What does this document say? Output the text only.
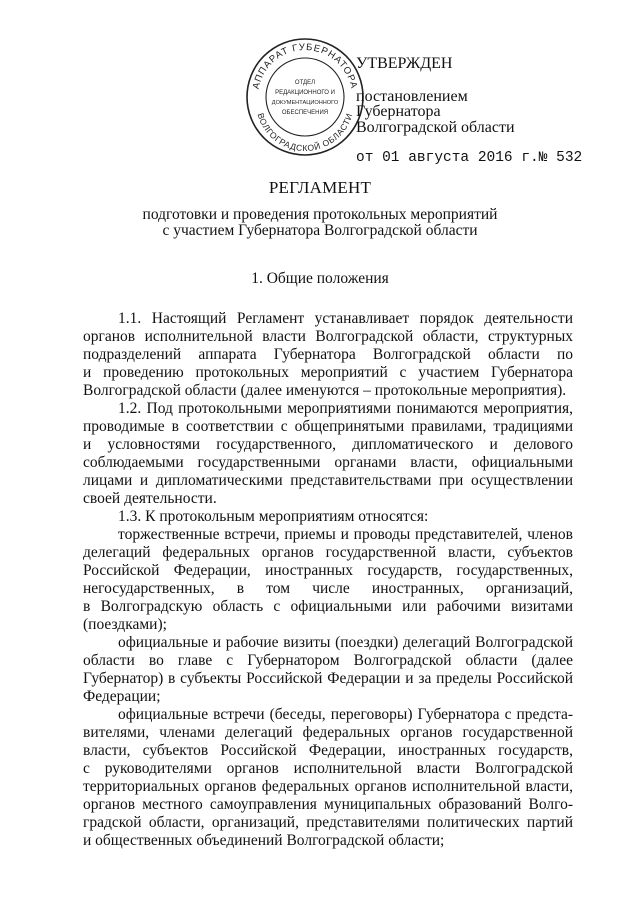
АППАРАТ ГУБЕРНАТОРА
ВОЛГОГРАДСКОЙ ОБЛАСТИ
ОТДЕЛ
РЕДАКЦИОННОГО И
ДОКУМЕНТАЦИОННОГО
ОБЕСПЕЧЕНИЯ
УТВЕРЖДЕН
постановлением
Губернатора
Волгоградской области
от 01 августа 2016 г.№ 532
РЕГЛАМЕНТ
подготовки и проведения протокольных мероприятий
с участием Губернатора Волгоградской области
1. Общие положения
1.1. Настоящий Регламент устанавливает порядок деятельности
органов исполнительной власти Волгоградской области, структурных
подразделений аппарата Губернатора Волгоградской области по
и проведению протокольных мероприятий с участием Губернатора
Волгоградской области (далее именуются – протокольные мероприятия).
1.2. Под протокольными мероприятиями понимаются мероприятия,
проводимые в соответствии с общепринятыми правилами, традициями
и условностями государственного, дипломатического и делового
соблюдаемыми государственными органами власти, официальными
лицами и дипломатическими представительствами при осуществлении
своей деятельности.
1.3. К протокольным мероприятиям относятся:
торжественные встречи, приемы и проводы представителей, членов
делегаций федеральных органов государственной власти, субъектов
Российской Федерации, иностранных государств, государственных,
негосударственных, в том числе иностранных, организаций,
в Волгоградскую область с официальными или рабочими визитами
(поездками);
официальные и рабочие визиты (поездки) делегаций Волгоградской
области во главе с Губернатором Волгоградской области (далее
Губернатор) в субъекты Российской Федерации и за пределы Российской
Федерации;
официальные встречи (беседы, переговоры) Губернатора с предста-
вителями, членами делегаций федеральных органов государственной
власти, субъектов Российской Федерации, иностранных государств,
с руководителями органов исполнительной власти Волгоградской
территориальных органов федеральных органов исполнительной власти,
органов местного самоуправления муниципальных образований Волго-
градской области, организаций, представителями политических партий
и общественных объединений Волгоградской области;
